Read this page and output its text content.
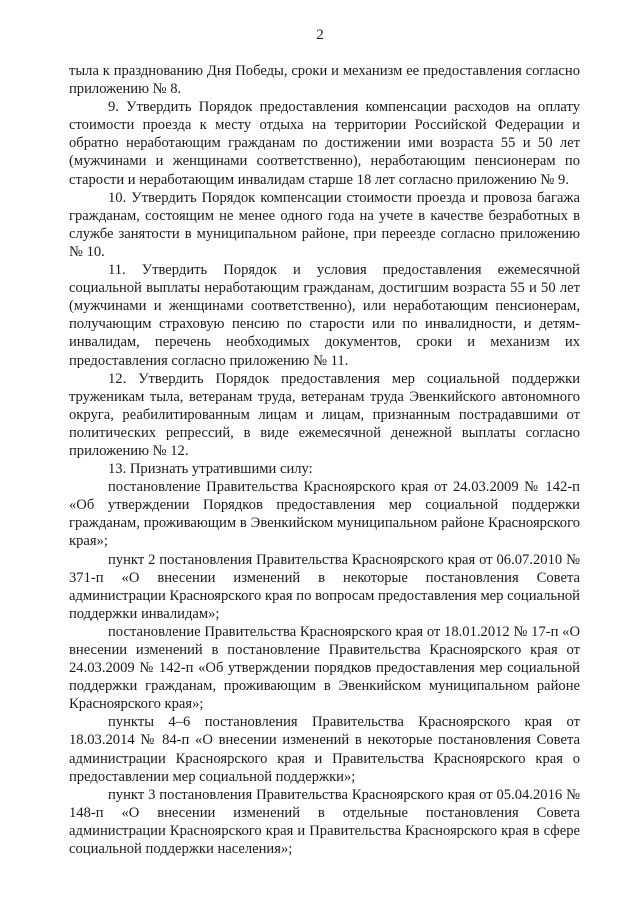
2

тыла к празднованию Дня Победы, сроки и механизм ее предоставления согласно приложению № 8.

9. Утвердить Порядок предоставления компенсации расходов на оплату стоимости проезда к месту отдыха на территории Российской Федерации и обратно неработающим гражданам по достижении ими возраста 55 и 50 лет (мужчинами и женщинами соответственно), неработающим пенсионерам по старости и неработающим инвалидам старше 18 лет согласно приложению № 9.

10. Утвердить Порядок компенсации стоимости проезда и провоза багажа гражданам, состоящим не менее одного года на учете в качестве безработных в службе занятости в муниципальном районе, при переезде согласно приложению № 10.

11. Утвердить Порядок и условия предоставления ежемесячной социальной выплаты неработающим гражданам, достигшим возраста 55 и 50 лет (мужчинами и женщинами соответственно), или неработающим пенсионерам, получающим страховую пенсию по старости или по инвалидности, и детям-инвалидам, перечень необходимых документов, сроки и механизм их предоставления согласно приложению № 11.

12. Утвердить Порядок предоставления мер социальной поддержки труженикам тыла, ветеранам труда, ветеранам труда Эвенкийского автономного округа, реабилитированным лицам и лицам, признанным пострадавшими от политических репрессий, в виде ежемесячной денежной выплаты согласно приложению № 12.

13. Признать утратившими силу:

постановление Правительства Красноярского края от 24.03.2009 № 142-п «Об утверждении Порядков предоставления мер социальной поддержки гражданам, проживающим в Эвенкийском муниципальном районе Красноярского края»;

пункт 2 постановления Правительства Красноярского края от 06.07.2010 № 371-п «О внесении изменений в некоторые постановления Совета администрации Красноярского края по вопросам предоставления мер социальной поддержки инвалидам»;

постановление Правительства Красноярского края от 18.01.2012 № 17-п «О внесении изменений в постановление Правительства Красноярского края от 24.03.2009 № 142-п «Об утверждении порядков предоставления мер социальной поддержки гражданам, проживающим в Эвенкийском муниципальном районе Красноярского края»;

пункты 4–6 постановления Правительства Красноярского края от 18.03.2014 № 84-п «О внесении изменений в некоторые постановления Совета администрации Красноярского края и Правительства Красноярского края о предоставлении мер социальной поддержки»;

пункт 3 постановления Правительства Красноярского края от 05.04.2016 № 148-п «О внесении изменений в отдельные постановления Совета администрации Красноярского края и Правительства Красноярского края в сфере социальной поддержки населения»;
